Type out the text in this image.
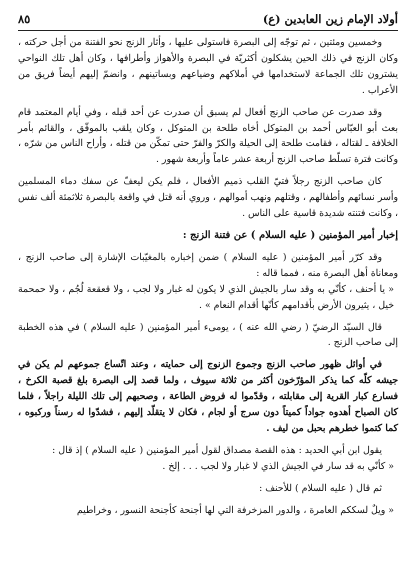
أولاد الإمام زين العابدين (ع)
٨٥

وخمسين ومئتين ، ثم توجّه إلى البصرة فاستولى عليها ، وأثار الزنج نحو الفتنة من أجل حركته ، وكان الزنج في ذلك الحين يشكلون أكثريّة في البصرة والأهواز وأطرافها ، وكان أهل تلك النواحي يشترون تلك الجماعة لاستخدامها في أملاكهم وضياعهم وبساتينهم ، وانضمّ إليهم أيضاً فريق من الأعراب .

وقد صدرت عن صاحب الزنج أفعال لم يسبق أن صدرت عن أحد قبله ، وفي أيام المعتمد قام بعث أبو العبّاس أحمد بن المتوكل أخاه طلحة بن المتوكل ، وكان يلقب بالموفّق ، والقائم بأمر الخلافة ـ لقتاله ، فقامت طلحة إلى الحيلة والكرّ والفرّ حتى تمكّن من قتله ، وأراح الناس من شرّه ، وكانت فترة تسلّط صاحب الزنج أربعة عشر عاماً وأربعة شهور .

كان صاحب الزنج رجلاً فتيّ القلب ذميم الأفعال ، فلم يكن ليعفّ عن سفك دماء المسلمين وأسر نسائهم وأطفالهم ، وقتلهم ونهب أموالهم ، وروي أنه قتل في واقعة بالبصرة ثلاثمئة ألف نفس ، وكانت فتنته شديدة قاسية على الناس .

إخبار أمير المؤمنين ( عليه السلام ) عن فتنة الزنج :

وقد كرّر أمير المؤمنين ( عليه السلام ) ضمن إخباره بالمغيّبات الإشارة إلى صاحب الزنج ، ومعاناة أهل البصرة منه ، فمما قاله :

« يا أحنف ، كأنّي به وقد سار بالجيش الذي لا يكون له غبار ولا لجب ، ولا قعقعة لُجُم ، ولا حمحمة خيل ، يثيرون الأرض بأقدامهم كأنّها أقدام النعام » .

قال السيّد الرضيّ ( رضي الله عنه ) ، يومىء أمير المؤمنين ( عليه السلام ) في هذه الخطبة إلى صاحب الزنج .

في أوائل ظهور صاحب الزنج وجموع الزنوج إلى حمايته ، وعند اتّساع جموعهم لم يكن في جيشه كلّه كما يذكر المؤرّخون أكثر من ثلاثة سيوف ، ولما قصد إلى البصرة بلغ قصبة الكرخ ، فسارع كبار القرية إلى مقابلته ، وقدّموا له فروض الطاعة ، وصحبهم إلى تلك الليلة راجلاً ، فلما كان الصباح أهدوه جواداً كميتاً دون سرج أو لجام ، فكان لا يتقلّد إليهم ، فشدّوا له رسناً وركبوه ، كما كتموا خطرهم بحبل من ليف .

يقول ابن أبي الحديد : هذه القصة مصداق لقول أمير المؤمنين ( عليه السلام ) إذ قال :

« كأنّي به قد سار في الجيش الذي لا غبار ولا لجب . . . إلخ .

ثم قال ( عليه السلام ) للأحنف :

« ويلٌ لسككم العامرة ، والدور المزخرفة التي لها أجنحة كأجنحة النسور ، وخراطيم
